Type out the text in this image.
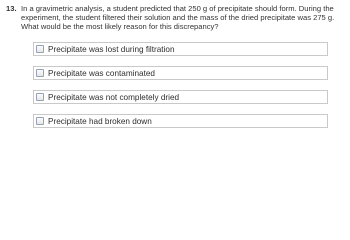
13. In a gravimetric analysis, a student predicted that 250 g of precipitate should form. During the experiment, the student filtered their solution and the mass of the dried precipitate was 275 g. What would be the most likely reason for this discrepancy?
Precipitate was lost during filtration
Precipitate was contaminated
Precipitate was not completely dried
Precipitate had broken down
